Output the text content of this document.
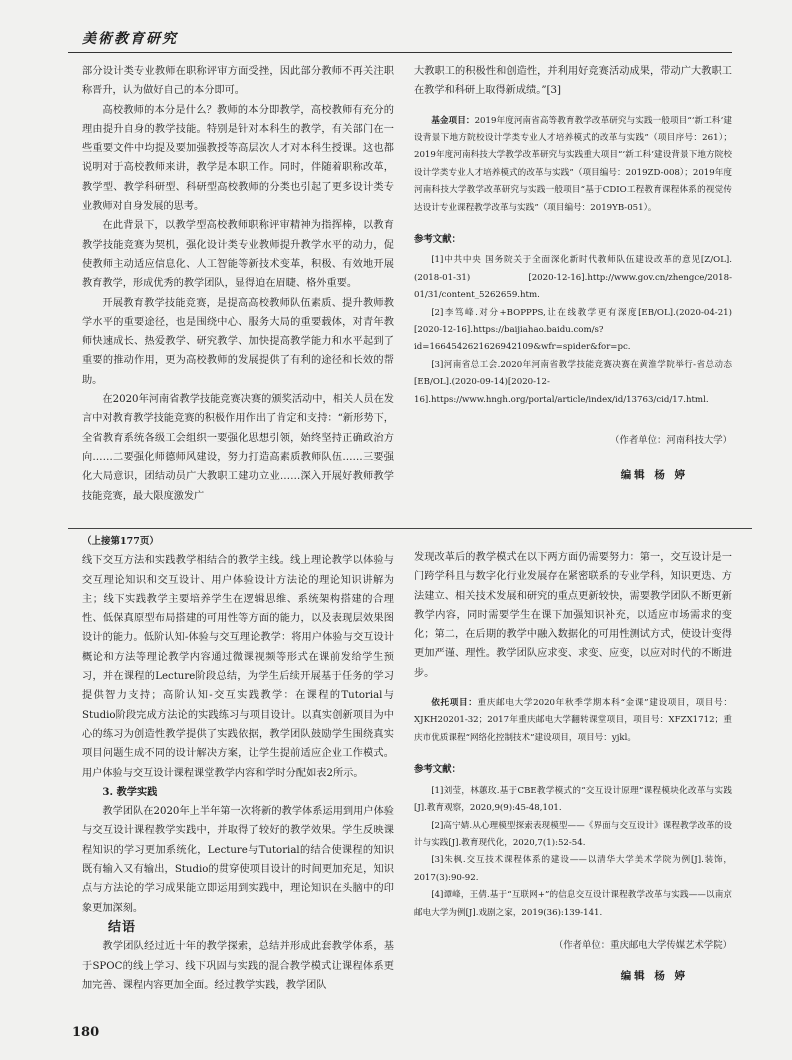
美術教育研究

部分设计类专业教师在职称评审方面受挫，因此部分教师不再关注职称晋升，认为做好自己的本分即可。

高校教师的本分是什么？教师的本分即教学，高校教师有充分的理由提升自身的教学技能。特别是针对本科生的教学，有关部门在一些重要文件中均提及要加强教授等高层次人才对本科生授课。这也都说明对于高校教师来讲，教学是本职工作。同时，伴随着职称改革，教学型、教学科研型、科研型高校教师的分类也引起了更多设计类专业教师对自身发展的思考。

在此背景下，以教学型高校教师职称评审精神为指挥棒，以教育教学技能竞赛为契机，强化设计类专业教师提升教学水平的动力，促使教师主动适应信息化、人工智能等新技术变革，积极、有效地开展教育教学，形成优秀的教学团队，显得迫在眉睫、格外重要。

开展教育教学技能竞赛，是提高高校教师队伍素质、提升教师教学水平的重要途径，也是围绕中心、服务大局的重要载体，对青年教师快速成长、热爱教学、研究教学、加快提高教学能力和水平起到了重要的推动作用，更为高校教师的发展提供了有利的途径和长效的帮助。

在2020年河南省教学技能竞赛决赛的颁奖活动中，相关人员在发言中对教育教学技能竞赛的积极作用作出了肯定和支持：“新形势下，全省教育系统各级工会组织一要强化思想引领，始终坚持正确政治方向……二要强化师德师风建设，努力打造高素质教师队伍……三要强化大局意识，团结动员广大教职工建功立业……深入开展好教师教学技能竞赛，最大限度激发广

大教职工的积极性和创造性，并利用好竞赛活动成果，带动广大教职工在教学和科研上取得新成绩。”[3]

基金项目：2019年度河南省高等教育教学改革研究与实践一般项目“‘新工科’建设背景下地方院校设计学类专业人才培养模式的改革与实践”（项目序号：261）；2019年度河南科技大学教学改革研究与实践重大项目“‘新工科’建设背景下地方院校设计学类专业人才培养模式的改革与实践”（项目编号：2019ZD-008）；2019年度河南科技大学教学改革研究与实践一般项目“基于CDIO工程教育课程体系的视觉传达设计专业课程教学改革与实践”（项目编号：2019YB-051）。

参考文献：

[1]中共中央 国务院关于全面深化新时代教师队伍建设改革的意见[Z/OL]. (2018-01-31) [2020-12-16].http://www.gov.cn/zhengce/2018-01/31/content_5262659.htm.

[2]李笃峰.对分+BOPPPS,让在线教学更有深度[EB/OL].(2020-04-21)[2020-12-16].https://baijiahao.baidu.com/s?id=1664542621626942109&wfr=spider&for=pc.

[3]河南省总工会.2020年河南省教学技能竞赛决赛在黄淮学院举行-省总动态[EB/OL].(2020-09-14)[2020-12-16].https://www.hngh.org/portal/article/index/id/13763/cid/17.html.

（作者单位：河南科技大学）
编辑 杨 婷

（上接第177页）

线下交互方法和实践教学相结合的教学主线。线上理论教学以体验与交互理论知识和交互设计、用户体验设计方法论的理论知识讲解为主；线下实践教学主要培养学生在逻辑思维、系统架构搭建的合理性、低保真原型布局搭建的可用性等方面的能力，以及表现层效果图设计的能力。低阶认知-体验与交互理论教学：将用户体验与交互设计概论和方法等理论教学内容通过微课视频等形式在课前发给学生预习，并在课程的Lecture阶段总结，为学生后续开展基于任务的学习提供智力支持；高阶认知-交互实践教学：在课程的Tutorial与Studio阶段完成方法论的实践练习与项目设计。以真实创新项目为中心的练习为创造性教学提供了实践依据，教学团队鼓励学生围绕真实项目问题生成不同的设计解决方案，让学生提前适应企业工作模式。用户体验与交互设计课程课堂教学内容和学时分配如表2所示。

3. 教学实践

教学团队在2020年上半年第一次将新的教学体系运用到用户体验与交互设计课程教学实践中，并取得了较好的教学效果。学生反映课程知识的学习更加系统化，Lecture与Tutorial的结合使课程的知识既有输入又有输出，Studio的贯穿使项目设计的时间更加充足，知识点与方法论的学习成果能立即运用到实践中，理论知识在头脑中的印象更加深刻。

结语

教学团队经过近十年的教学探索，总结并形成此套教学体系，基于SPOC的线上学习、线下巩固与实践的混合教学模式让课程体系更加完善、课程内容更加全面。经过教学实践，教学团队

发现改革后的教学模式在以下两方面仍需要努力：第一，交互设计是一门跨学科且与数字化行业发展存在紧密联系的专业学科，知识更迭、方法建立、相关技术发展和研究的重点更新较快，需要教学团队不断更新教学内容，同时需要学生在课下加强知识补充，以适应市场需求的变化；第二，在后期的教学中融入数据化的可用性测试方式，使设计变得更加严谨、理性。教学团队应求变、求变、应变，以应对时代的不断进步。

依托项目：重庆邮电大学2020年秋季学期本科“金课”建设项目，项目号：XJKH20201-32；2017年重庆邮电大学翻转课堂项目，项目号：XFZX1712；重庆市优质课程“网络化控制技术”建设项目，项目号：yjkl。

参考文献：

[1]刘莹，林蕙玫.基于CBE教学模式的“交互设计原理”课程模块化改革与实践[J].教育观察，2020,9(9):45-48,101.

[2]高宁婧.从心理模型探索表现模型——《界面与交互设计》课程教学改革的设计与实践[J].教育现代化，2020,7(1):52-54.

[3]朱枫.交互技术课程体系的建设——以清华大学美术学院为例[J].装饰，2017(3):90-92.

[4]谭峰，王倩.基于“互联网+”的信息交互设计课程教学改革与实践——以南京邮电大学为例[J].戏剧之家，2019(36):139-141.

（作者单位：重庆邮电大学传媒艺术学院）
编辑 杨 婷
180
